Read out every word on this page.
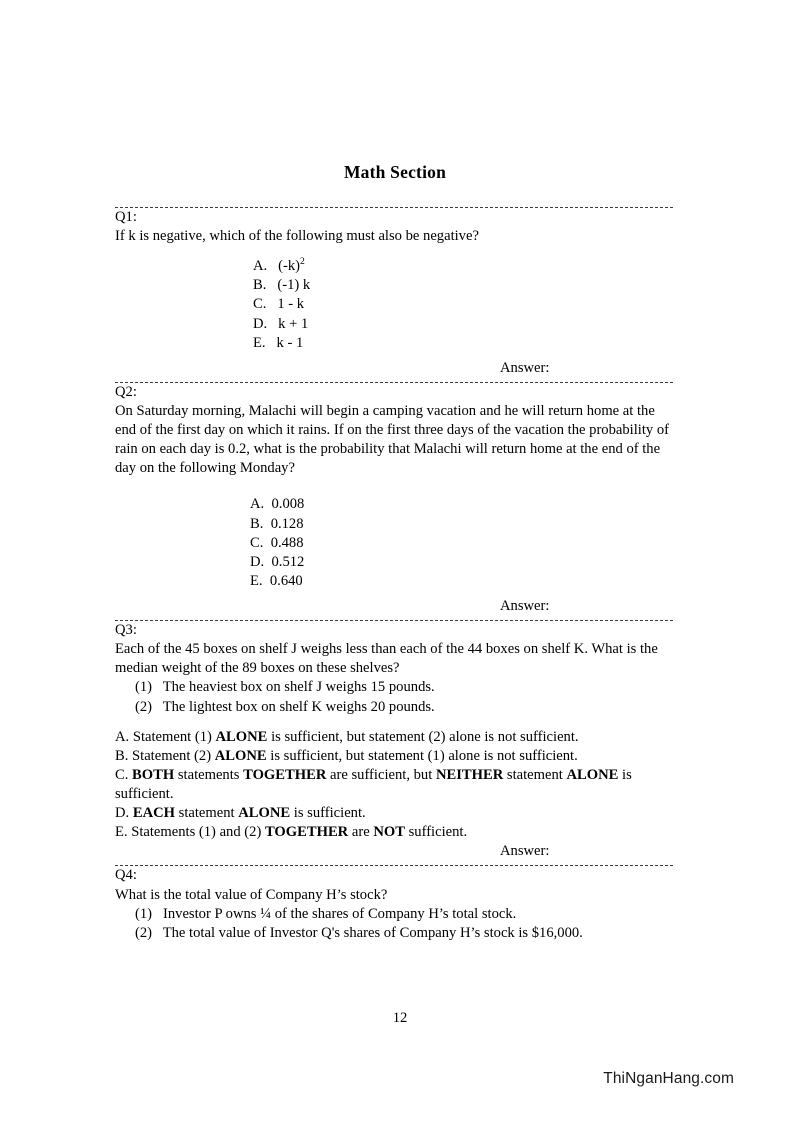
Math Section

Q1:

If k is negative, which of the following must also be negative?

A. $(-k)^2$
B. (-1) k
C. 1 - k
D. k + 1
E. k - 1

Answer:

Q2:

On Saturday morning, Malachi will begin a camping vacation and he will return home at the end of the first day on which it rains. If on the first three days of the vacation the probability of rain on each day is 0.2, what is the probability that Malachi will return home at the end of the day on the following Monday?

A. 0.008
B. 0.128
C. 0.488
D. 0.512
E. 0.640

Answer:

Q3:

Each of the 45 boxes on shelf J weighs less than each of the 44 boxes on shelf K. What is the median weight of the 89 boxes on these shelves?

(1) The heaviest box on shelf J weighs 15 pounds.
(2) The lightest box on shelf K weighs 20 pounds.
A. Statement (1) ALONE is sufficient, but statement (2) alone is not sufficient.
B. Statement (2) ALONE is sufficient, but statement (1) alone is not sufficient.
C. BOTH statements TOGETHER are sufficient, but NEITHER statement ALONE is sufficient.
D. EACH statement ALONE is sufficient.
E. Statements (1) and (2) TOGETHER are NOT sufficient.

Answer:

Q4:

What is the total value of Company H’s stock?

(1) Investor P owns ¼ of the shares of Company H’s total stock.
(2) The total value of Investor Q's shares of Company H’s stock is $16,000.
12
ThiNganHang.com
